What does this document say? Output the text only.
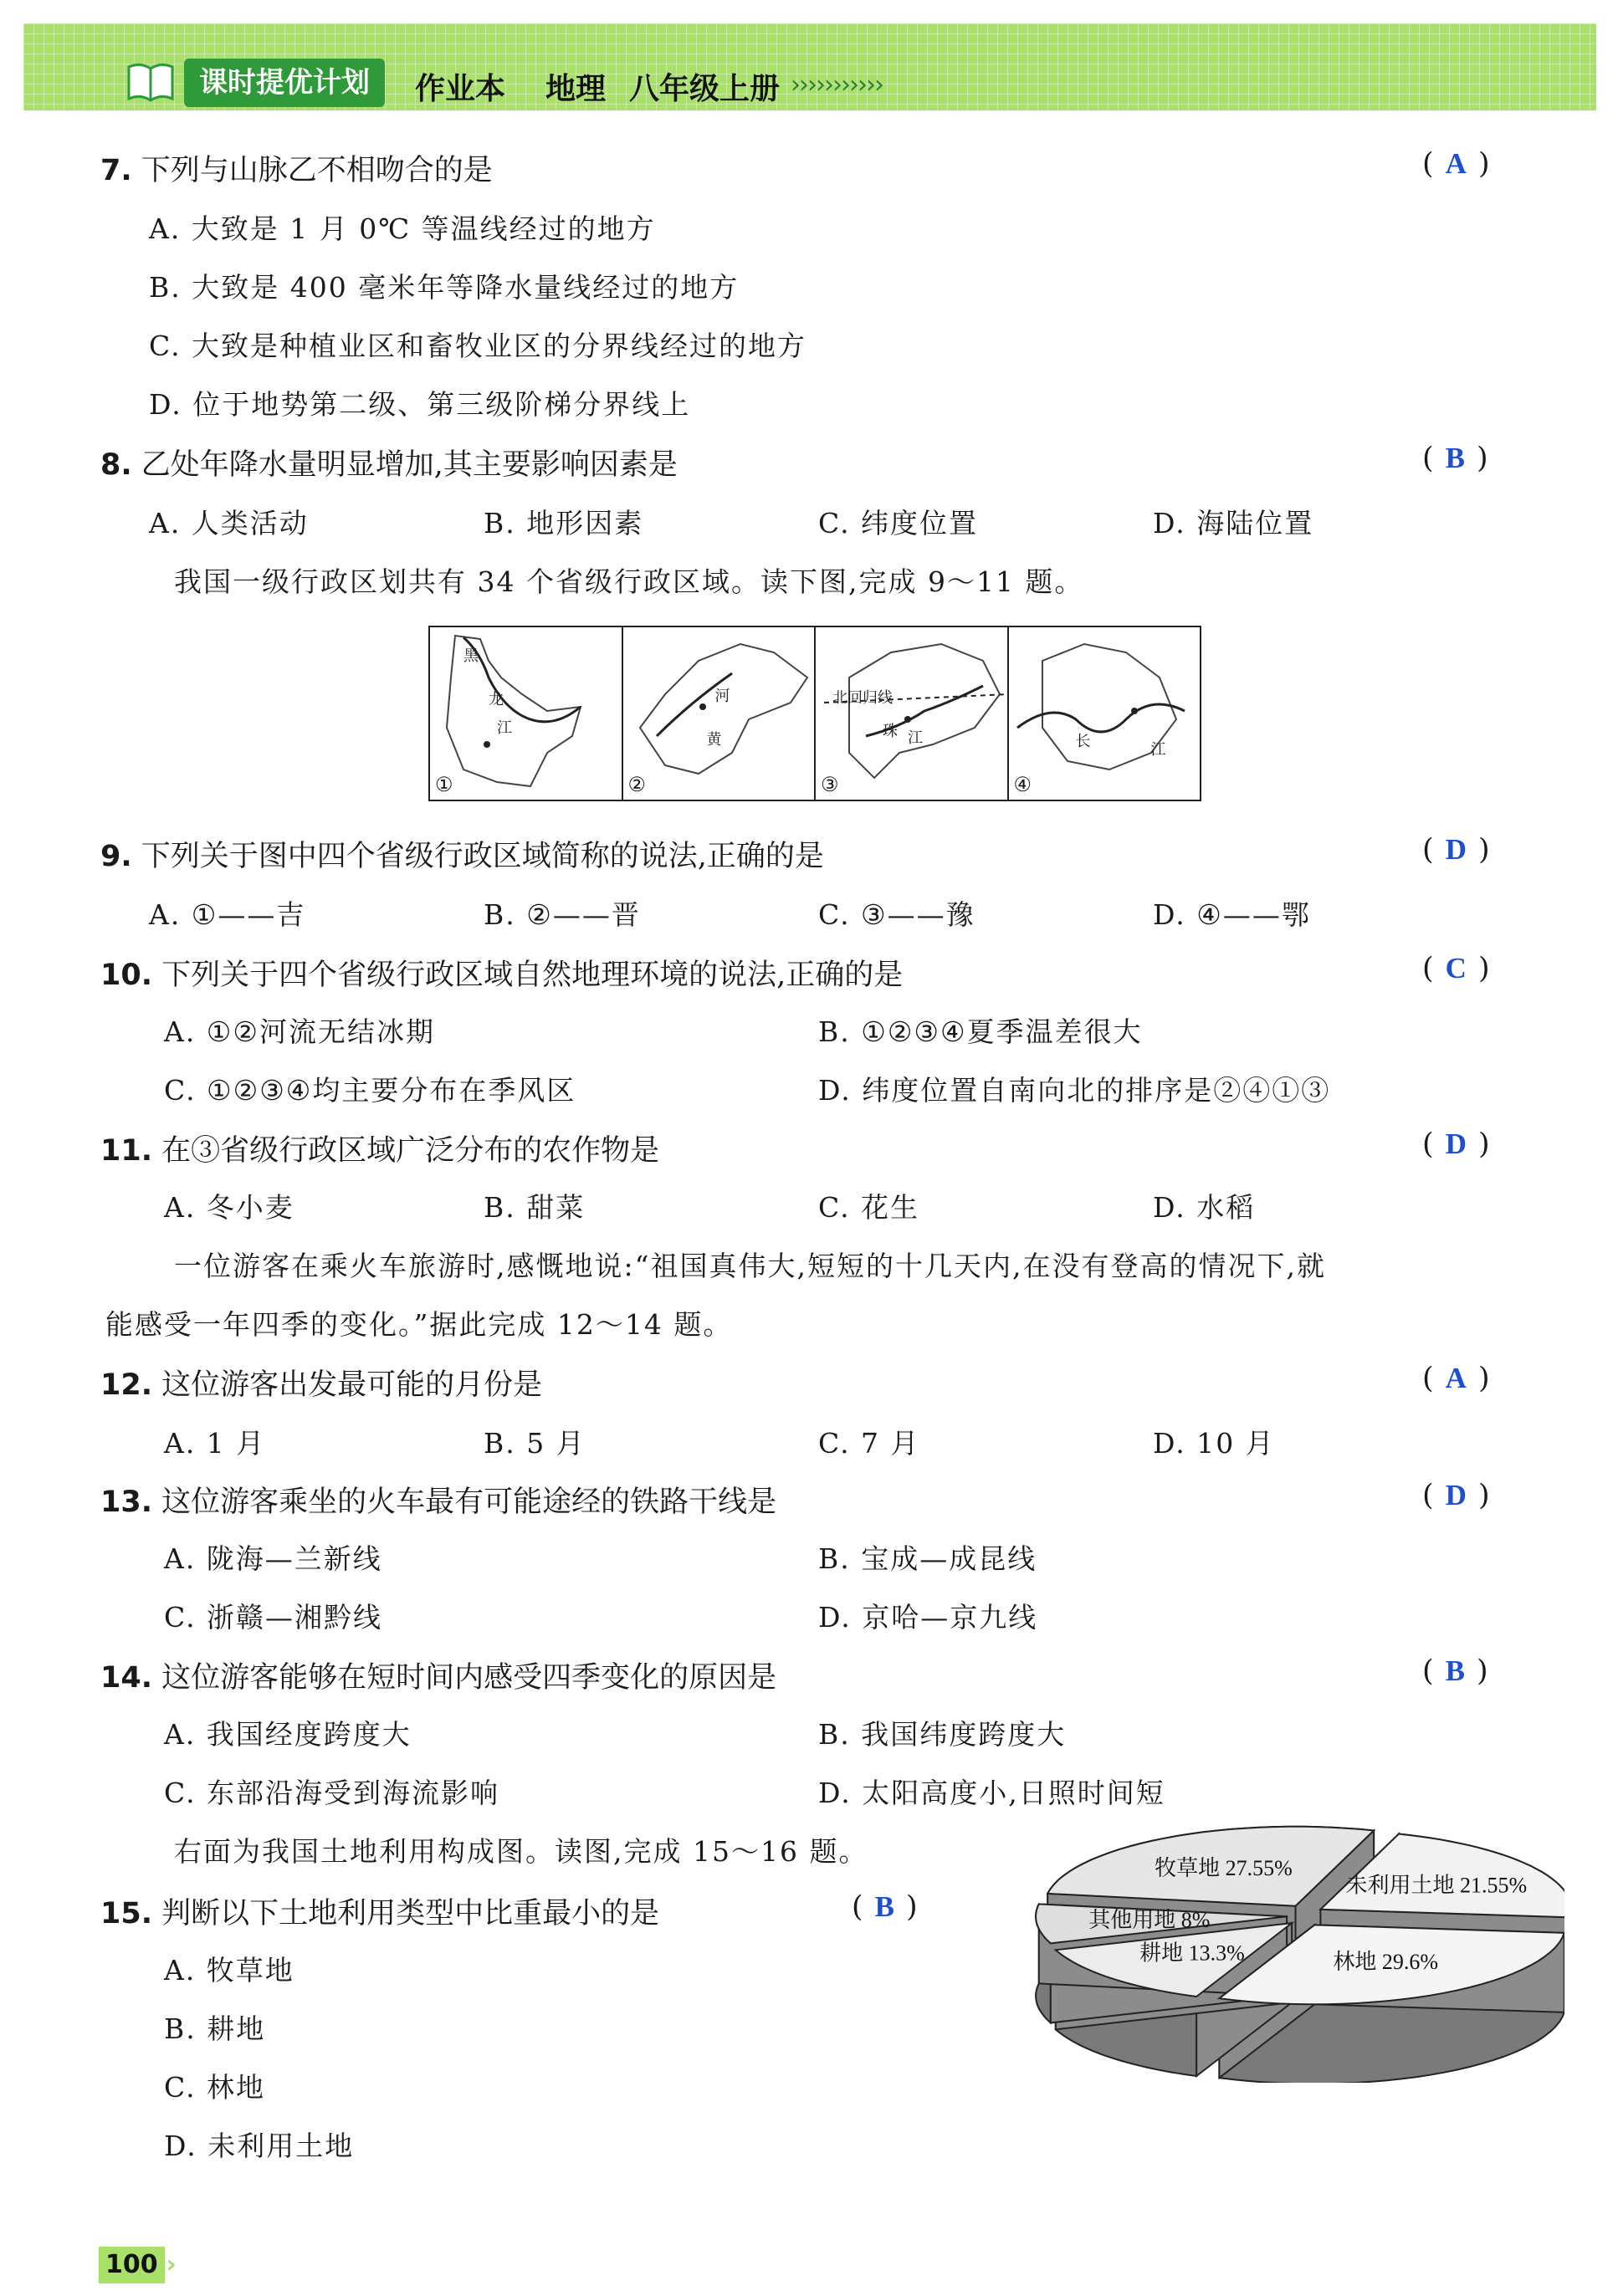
课时提优计划	作业本 地理 八年级上册 ›››››››››››
7. 下列与山脉乙不相吻合的是	( A )
A. 大致是 1 月 0℃ 等温线经过的地方
B. 大致是 400 毫米年等降水量线经过的地方
C. 大致是种植业区和畜牧业区的分界线经过的地方
D. 位于地势第二级、第三级阶梯分界线上
8. 乙处年降水量明显增加,其主要影响因素是	( B )
A. 人类活动	B. 地形因素	C. 纬度位置	D. 海陆位置
我国一级行政区划共有 34 个省级行政区域。读下图,完成 9～11 题。
黑
龙
江
①
河
黄
②
北回归线
珠 江
③
长	江
④
9. 下列关于图中四个省级行政区域简称的说法,正确的是	( D )
A. ①——吉	B. ②——晋	C. ③——豫	D. ④——鄂
10. 下列关于四个省级行政区域自然地理环境的说法,正确的是	( C )
A. ①②河流无结冰期	B. ①②③④夏季温差很大
C. ①②③④均主要分布在季风区	D. 纬度位置自南向北的排序是②④①③
11. 在③省级行政区域广泛分布的农作物是	( D )
A. 冬小麦	B. 甜菜	C. 花生	D. 水稻
一位游客在乘火车旅游时,感慨地说:“祖国真伟大,短短的十几天内,在没有登高的情况下,就
能感受一年四季的变化。”据此完成 12～14 题。
12. 这位游客出发最可能的月份是	( A )
A. 1 月	B. 5 月	C. 7 月	D. 10 月
13. 这位游客乘坐的火车最有可能途经的铁路干线是	( D )
A. 陇海—兰新线	B. 宝成—成昆线
C. 浙赣—湘黔线	D. 京哈—京九线
14. 这位游客能够在短时间内感受四季变化的原因是	( B )
A. 我国经度跨度大	B. 我国纬度跨度大
C. 东部沿海受到海流影响	D. 太阳高度小,日照时间短
右面为我国土地利用构成图。读图,完成 15～16 题。
15. 判断以下土地利用类型中比重最小的是	( B )
A. 牧草地
B. 耕地
C. 林地
D. 未利用土地
牧草地 27.55%
未利用土地 21.55%
林地 29.6%
耕地 13.3%
其他用地 8%
100
››
